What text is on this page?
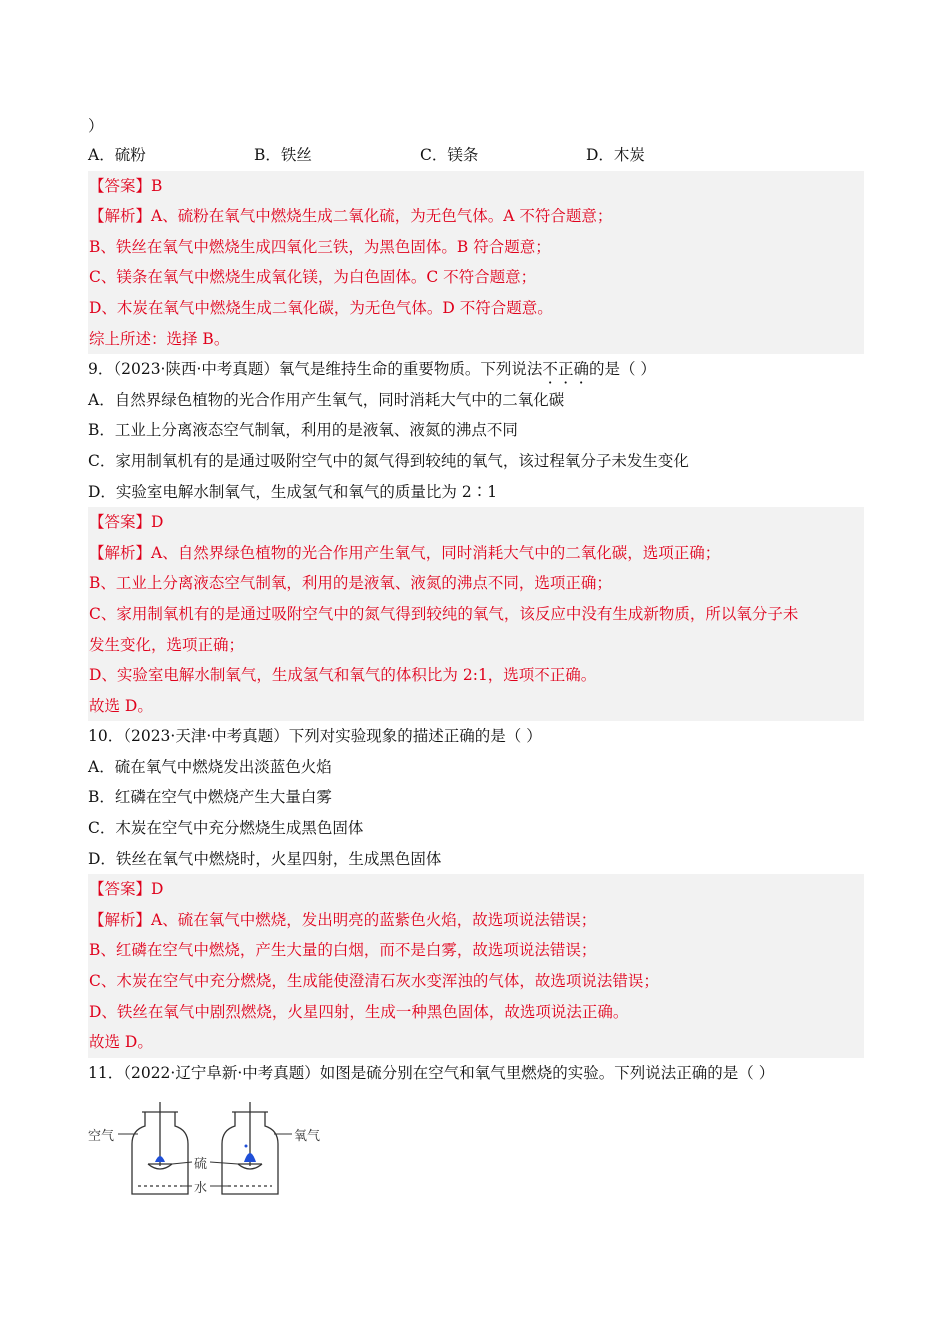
）
A．硫粉	B．铁丝	C．镁条	D．木炭
【答案】B
【解析】A、硫粉在氧气中燃烧生成二氧化硫，为无色气体。A 不符合题意；
B、铁丝在氧气中燃烧生成四氧化三铁，为黑色固体。B 符合题意；
C、镁条在氧气中燃烧生成氧化镁，为白色固体。C 不符合题意；
D、木炭在氧气中燃烧生成二氧化碳，为无色气体。D 不符合题意。
综上所述：选择 B。
9．（2023·陕西·中考真题）氧气是维持生命的重要物质。下列说法不正确的是（ ）
A．自然界绿色植物的光合作用产生氧气，同时消耗大气中的二氧化碳
B．工业上分离液态空气制氧，利用的是液氧、液氮的沸点不同
C．家用制氧机有的是通过吸附空气中的氮气得到较纯的氧气，该过程氧分子未发生变化
D．实验室电解水制氧气，生成氢气和氧气的质量比为 2∶1
【答案】D
【解析】A、自然界绿色植物的光合作用产生氧气，同时消耗大气中的二氧化碳，选项正确；
B、工业上分离液态空气制氧，利用的是液氧、液氮的沸点不同，选项正确；
C、家用制氧机有的是通过吸附空气中的氮气得到较纯的氧气，该反应中没有生成新物质，所以氧分子未
发生变化，选项正确；
D、实验室电解水制氧气，生成氢气和氧气的体积比为 2:1，选项不正确。
故选 D。
10．（2023·天津·中考真题）下列对实验现象的描述正确的是（ ）
A．硫在氧气中燃烧发出淡蓝色火焰
B．红磷在空气中燃烧产生大量白雾
C．木炭在空气中充分燃烧生成黑色固体
D．铁丝在氧气中燃烧时，火星四射，生成黑色固体
【答案】D
【解析】A、硫在氧气中燃烧，发出明亮的蓝紫色火焰，故选项说法错误；
B、红磷在空气中燃烧，产生大量的白烟，而不是白雾，故选项说法错误；
C、木炭在空气中充分燃烧，生成能使澄清石灰水变浑浊的气体，故选项说法错误；
D、铁丝在氧气中剧烈燃烧，火星四射，生成一种黑色固体，故选项说法正确。
故选 D。
11．（2022·辽宁阜新·中考真题）如图是硫分别在空气和氧气里燃烧的实验。下列说法正确的是（ ）
空气
硫
水
氧气
